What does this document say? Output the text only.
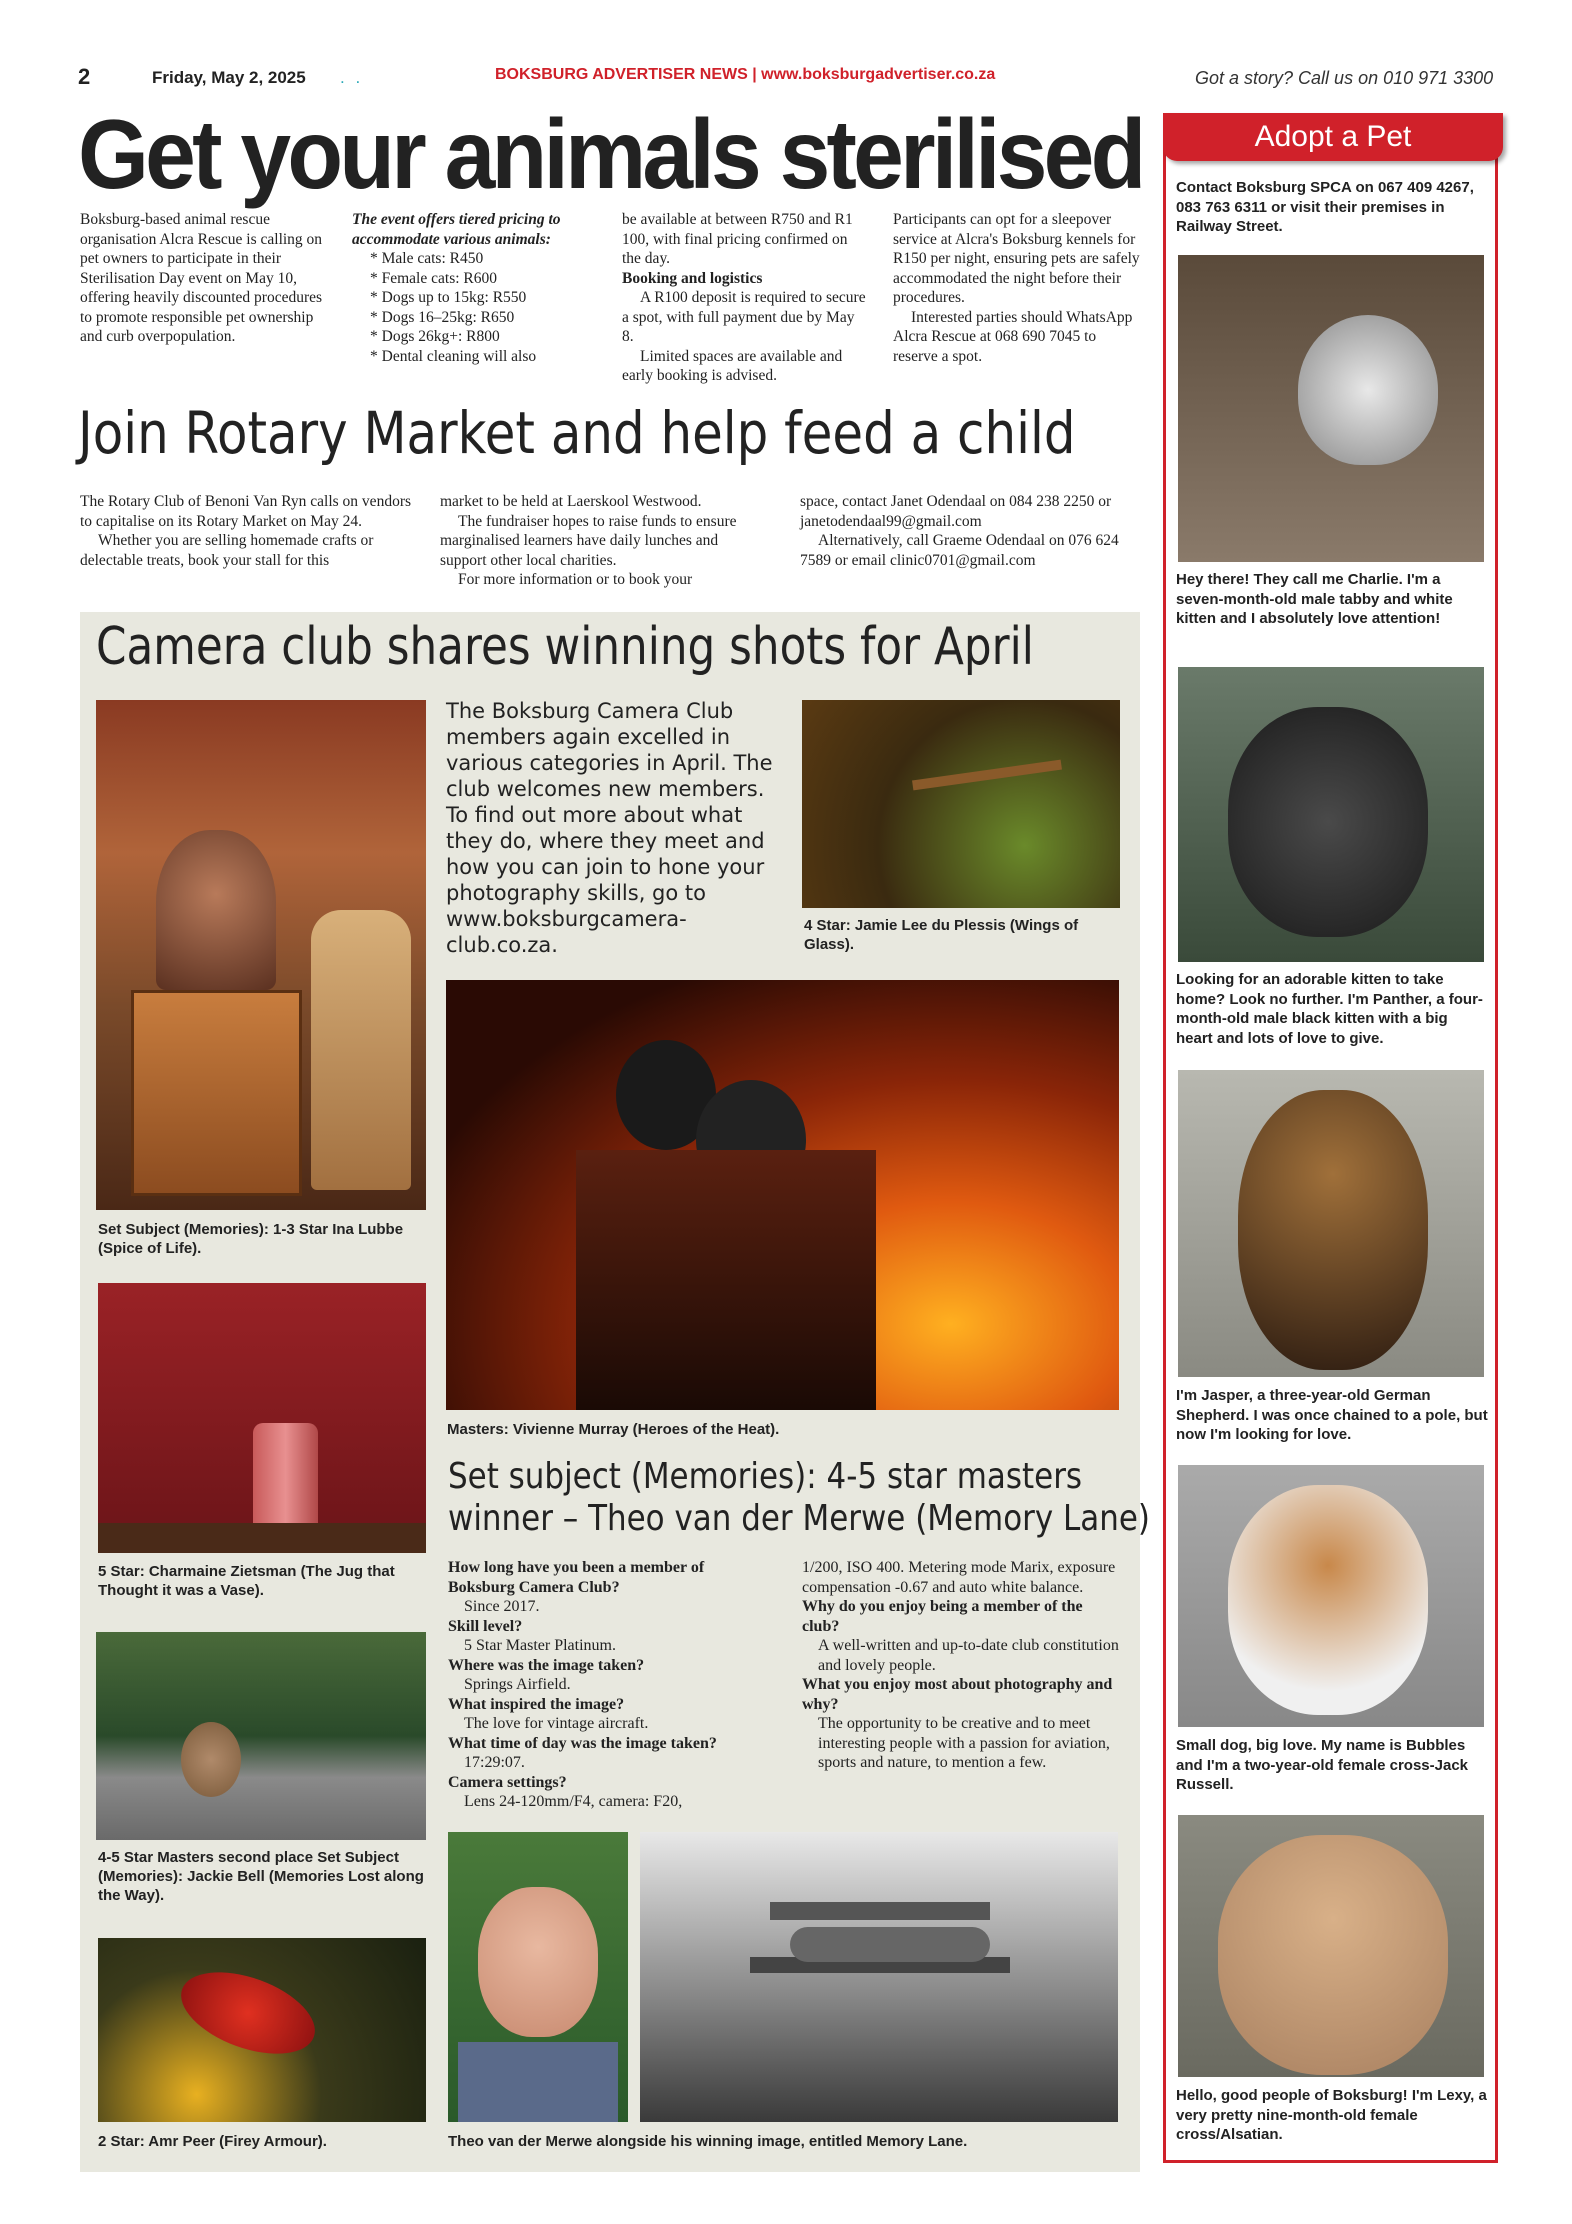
2	Friday, May 2, 2025 . .	BOKSBURG ADVERTISER NEWS | www.boksburgadvertiser.co.za	Got a story? Call us on 010 971 3300
Get your animals sterilised

Boksburg-based animal rescue organisation Alcra Rescue is calling on pet owners to participate in their Sterilisation Day event on May 10, offering heavily discounted procedures to promote responsible pet ownership and curb overpopulation.

The event offers tiered pricing to accommodate various animals:

* Male cats: R450

* Female cats: R600

* Dogs up to 15kg: R550

* Dogs 16–25kg: R650

* Dogs 26kg+: R800

* Dental cleaning will also

be available at between R750 and R1 100, with final pricing confirmed on the day.

Booking and logistics

A R100 deposit is required to secure a spot, with full payment due by May 8.

Limited spaces are available and early booking is advised.

Participants can opt for a sleepover service at Alcra's Boksburg kennels for R150 per night, ensuring pets are safely accommodated the night before their procedures.

Interested parties should WhatsApp Alcra Rescue at 068 690 7045 to reserve a spot.

Join Rotary Market and help feed a child

The Rotary Club of Benoni Van Ryn calls on vendors to capitalise on its Rotary Market on May 24.

Whether you are selling homemade crafts or delectable treats, book your stall for this

market to be held at Laerskool Westwood.

The fundraiser hopes to raise funds to ensure marginalised learners have daily lunches and support other local charities.

For more information or to book your

space, contact Janet Odendaal on 084 238 2250 or janetodendaal99@gmail.com

Alternatively, call Graeme Odendaal on 076 624 7589 or email clinic0701@gmail.com

Camera club shares winning shots for April
Set Subject (Memories): 1-3 Star Ina Lubbe (Spice of Life).
The Boksburg Camera Club members again excelled in various categories in April. The club welcomes new members. To find out more about what they do, where they meet and how you can join to hone your photography skills, go to www.boksburgcamera-club.co.za.
4 Star: Jamie Lee du Plessis (Wings of Glass).
Masters: Vivienne Murray (Heroes of the Heat).
5 Star: Charmaine Zietsman (The Jug that Thought it was a Vase).
4-5 Star Masters second place Set Subject (Memories): Jackie Bell (Memories Lost along the Way).
2 Star: Amr Peer (Firey Armour).
Set subject (Memories): 4-5 star masters
winner – Theo van der Merwe (Memory Lane)
How long have you been a member of Boksburg Camera Club?
Since 2017.
Skill level?
5 Star Master Platinum.
Where was the image taken?
Springs Airfield.
What inspired the image?
The love for vintage aircraft.
What time of day was the image taken?
17:29:07.
Camera settings?
Lens 24-120mm/F4, camera: F20,
1/200, ISO 400. Metering mode Marix, exposure compensation -0.67 and auto white balance.
Why do you enjoy being a member of the club?
A well-written and up-to-date club constitution and lovely people.
What you enjoy most about photography and why?
The opportunity to be creative and to meet interesting people with a passion for aviation, sports and nature, to mention a few.
Theo van der Merwe alongside his winning image, entitled Memory Lane.
Adopt a Pet
Contact Boksburg SPCA on 067 409 4267, 083 763 6311 or visit their premises in Railway Street.
Hey there! They call me Charlie. I'm a seven-month-old male tabby and white kitten and I absolutely love attention!
Looking for an adorable kitten to take home? Look no further. I'm Panther, a four-month-old male black kitten with a big heart and lots of love to give.
I'm Jasper, a three-year-old German Shepherd. I was once chained to a pole, but now I'm looking for love.
Small dog, big love. My name is Bubbles and I'm a two-year-old female cross-Jack Russell.
Hello, good people of Boksburg! I'm Lexy, a very pretty nine-month-old female cross/Alsatian.
